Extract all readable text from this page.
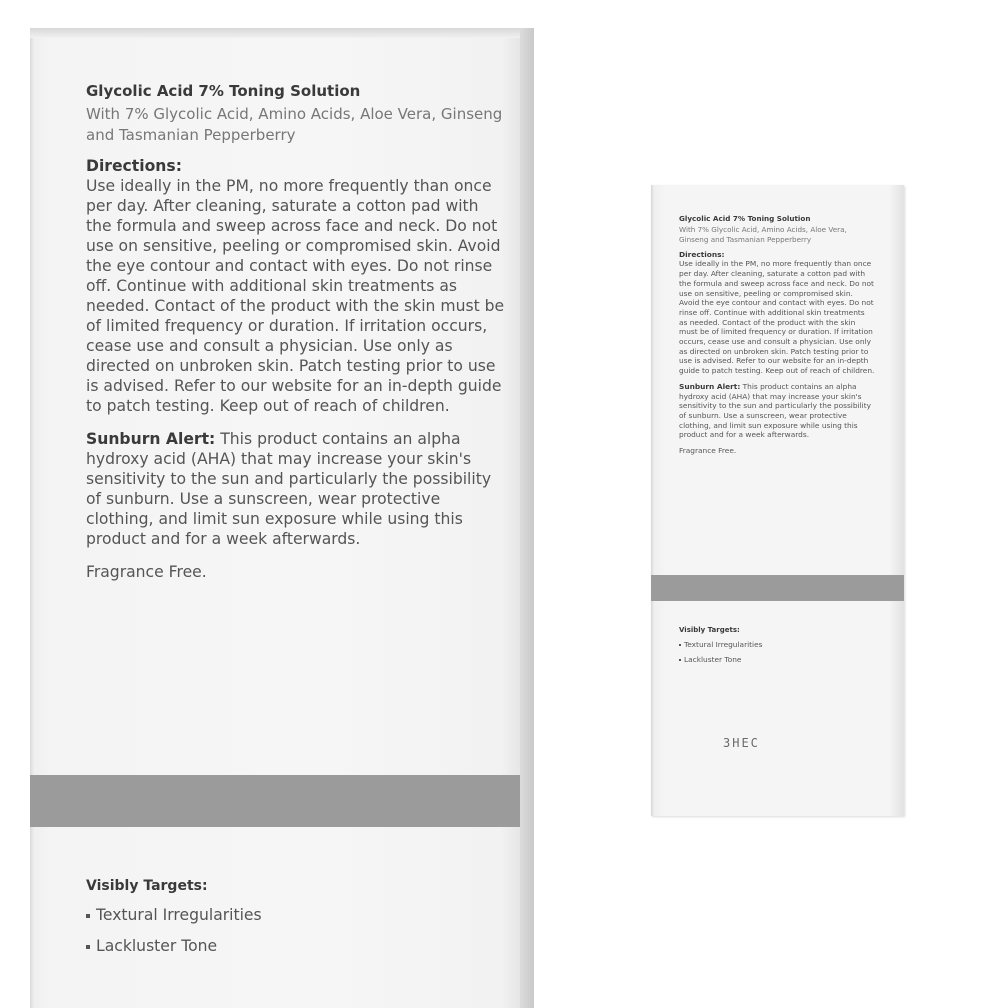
Glycolic Acid 7% Toning Solution
With 7% Glycolic Acid, Amino Acids, Aloe Vera, Ginseng and Tasmanian Pepperberry
Directions:
Use ideally in the PM, no more frequently than once per day. After cleaning, saturate a cotton pad with the formula and sweep across face and neck. Do not use on sensitive, peeling or compromised skin. Avoid the eye contour and contact with eyes. Do not rinse off. Continue with additional skin treatments as needed. Contact of the product with the skin must be of limited frequency or duration. If irritation occurs, cease use and consult a physician. Use only as directed on unbroken skin. Patch testing prior to use is advised. Refer to our website for an in-depth guide to patch testing. Keep out of reach of children.
Sunburn Alert: This product contains an alpha hydroxy acid (AHA) that may increase your skin's sensitivity to the sun and particularly the possibility of sunburn. Use a sunscreen, wear protective clothing, and limit sun exposure while using this product and for a week afterwards.
Fragrance Free.
Visibly Targets:
Textural Irregularities
Lackluster Tone
Glycolic Acid 7% Toning Solution
With 7% Glycolic Acid, Amino Acids, Aloe Vera, Ginseng and Tasmanian Pepperberry
Directions:
Use ideally in the PM, no more frequently than once per day. After cleaning, saturate a cotton pad with the formula and sweep across face and neck. Do not use on sensitive, peeling or compromised skin. Avoid the eye contour and contact with eyes. Do not rinse off. Continue with additional skin treatments as needed. Contact of the product with the skin must be of limited frequency or duration. If irritation occurs, cease use and consult a physician. Use only as directed on unbroken skin. Patch testing prior to use is advised. Refer to our website for an in-depth guide to patch testing. Keep out of reach of children.
Sunburn Alert: This product contains an alpha hydroxy acid (AHA) that may increase your skin's sensitivity to the sun and particularly the possibility of sunburn. Use a sunscreen, wear protective clothing, and limit sun exposure while using this product and for a week afterwards.
Fragrance Free.
Visibly Targets:
Textural Irregularities
Lackluster Tone
3HEC
